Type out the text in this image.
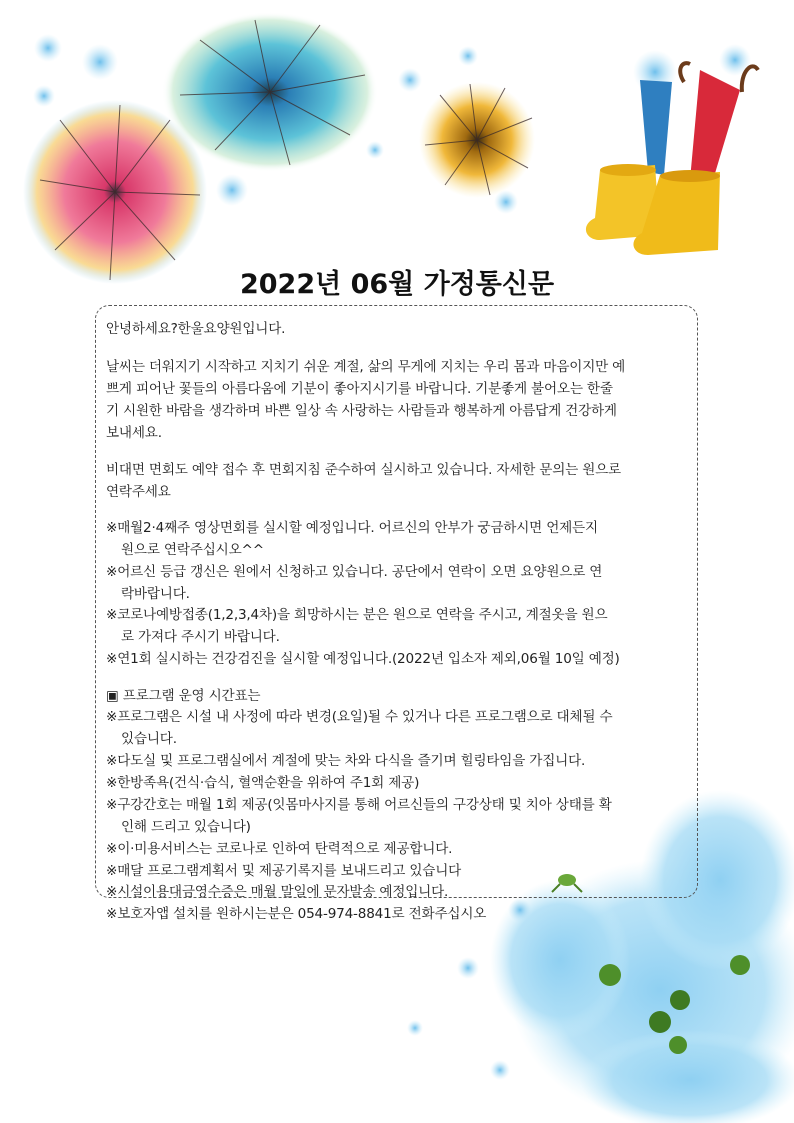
2022년 06월 가정통신문
안녕하세요?한울요양원입니다.
날씨는 더워지기 시작하고 지치기 쉬운 계절, 삶의 무게에 지치는 우리 몸과 마음이지만 예
쁘게 피어난 꽃들의 아름다움에 기분이 좋아지시기를 바랍니다. 기분좋게 불어오는 한줄
기 시원한 바람을 생각하며 바쁜 일상 속 사랑하는 사람들과 행복하게 아름답게 건강하게
보내세요.
비대면 면회도 예약 접수 후 면회지침 준수하여 실시하고 있습니다. 자세한 문의는 원으로
연락주세요
※매월2·4째주 영상면회를 실시할 예정입니다. 어르신의 안부가 궁금하시면 언제든지
원으로 연락주십시오^^
※어르신 등급 갱신은 원에서 신청하고 있습니다. 공단에서 연락이 오면 요양원으로 연
락바랍니다.
※코로나예방접종(1,2,3,4차)을 희망하시는 분은 원으로 연락을 주시고, 계절옷을 원으
로 가져다 주시기 바랍니다.
※연1회 실시하는 건강검진을 실시할 예정입니다.(2022년 입소자 제외,06월 10일 예정)
▣ 프로그램 운영 시간표는
※프로그램은 시설 내 사정에 따라 변경(요일)될 수 있거나 다른 프로그램으로 대체될 수
있습니다.
※다도실 및 프로그램실에서 계절에 맞는 차와 다식을 즐기며 힐링타임을 가집니다.
※한방족욕(건식·습식, 혈액순환을 위하여 주1회 제공)
※구강간호는 매월 1회 제공(잇몸마사지를 통해 어르신들의 구강상태 및 치아 상태를 확
인해 드리고 있습니다)
※이·미용서비스는 코로나로 인하여 탄력적으로 제공합니다.
※매달 프로그램계획서 및 제공기록지를 보내드리고 있습니다
※시설이용대금영수증은 매월 말일에 문자발송 예정입니다.
※보호자앱 설치를 원하시는분은 054-974-8841로 전화주십시오
